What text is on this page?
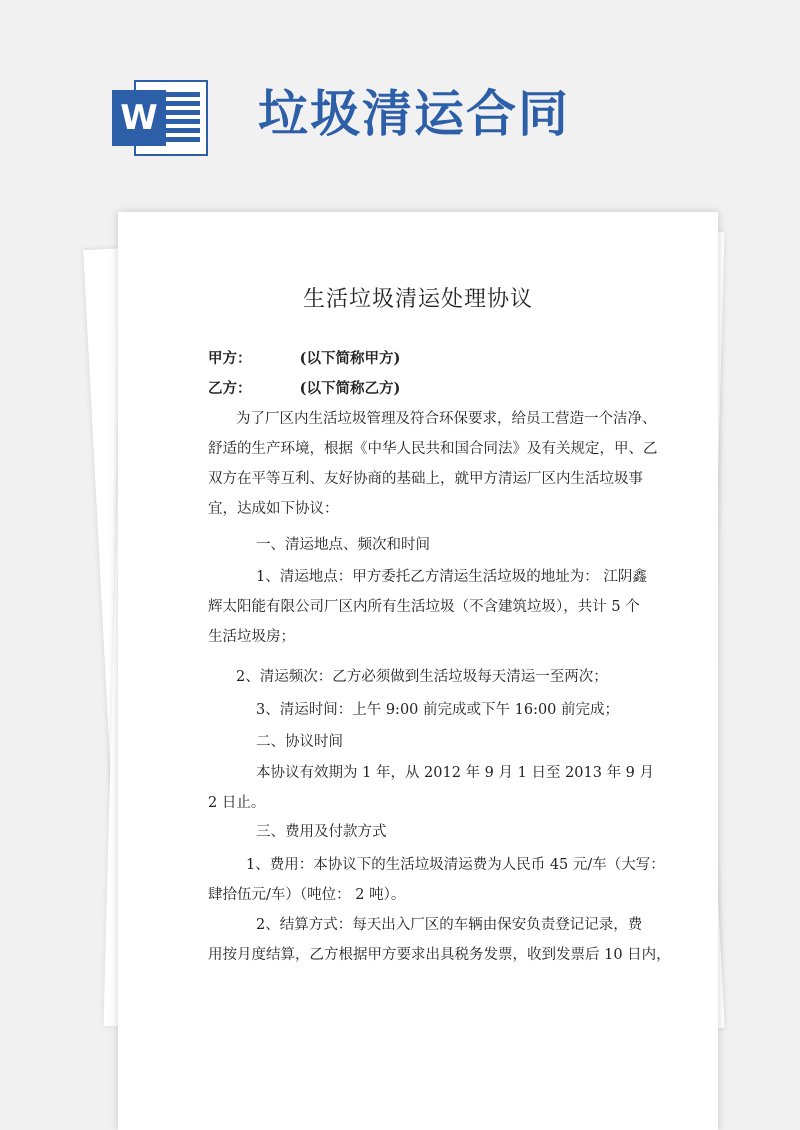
W 垃圾清运合同
生活垃圾清运处理协议
甲方：	(以下简称甲方)
乙方：	(以下简称乙方)
为了厂区内生活垃圾管理及符合环保要求，给员工营造一个洁净、
舒适的生产环境，根据《中华人民共和国合同法》及有关规定，甲、乙
双方在平等互利、友好协商的基础上，就甲方清运厂区内生活垃圾事
宜，达成如下协议：
一、清运地点、频次和时间
1、清运地点：甲方委托乙方清运生活垃圾的地址为： 江阴鑫
辉太阳能有限公司厂区内所有生活垃圾（不含建筑垃圾），共计 5 个
生活垃圾房；
2、清运频次：乙方必须做到生活垃圾每天清运一至两次；
3、清运时间：上午 9:00 前完成或下午 16:00 前完成；
二、协议时间
本协议有效期为 1 年，从 2012 年 9 月 1 日至 2013 年 9 月
2 日止。
三、费用及付款方式
1、费用：本协议下的生活垃圾清运费为人民币 45 元/车（大写：
肆拾伍元/车）（吨位： 2 吨）。
2、结算方式：每天出入厂区的车辆由保安负责登记记录，费
用按月度结算，乙方根据甲方要求出具税务发票，收到发票后 10 日内，
